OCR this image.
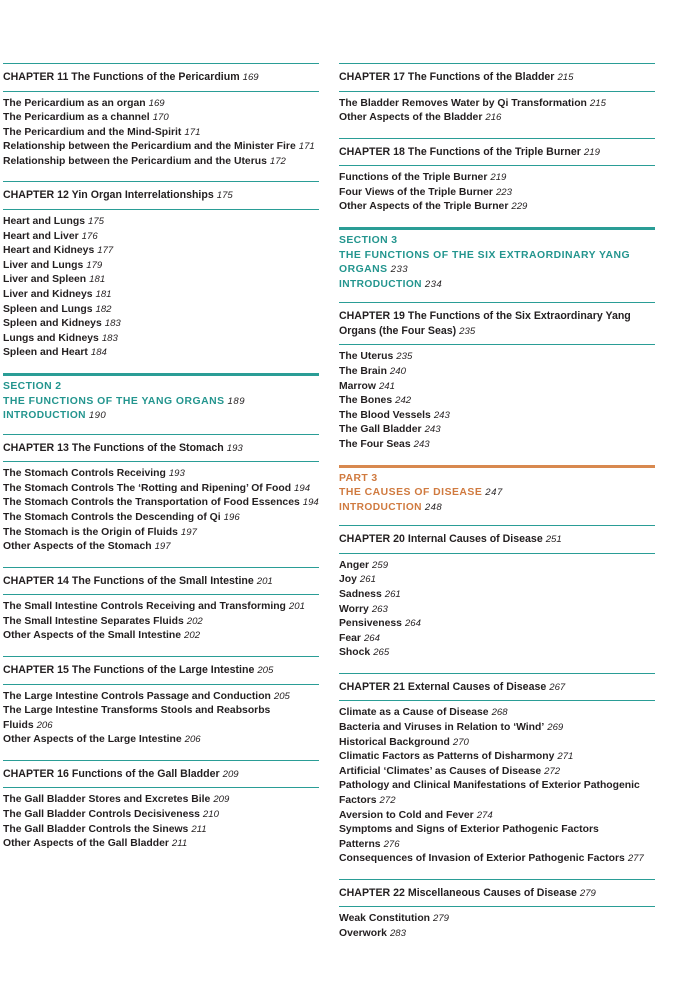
CHAPTER 11 The Functions of the Pericardium 169
The Pericardium as an organ 169
The Pericardium as a channel 170
The Pericardium and the Mind-Spirit 171
Relationship between the Pericardium and the Minister Fire 171
Relationship between the Pericardium and the Uterus 172
CHAPTER 12 Yin Organ Interrelationships 175
Heart and Lungs 175
Heart and Liver 176
Heart and Kidneys 177
Liver and Lungs 179
Liver and Spleen 181
Liver and Kidneys 181
Spleen and Lungs 182
Spleen and Kidneys 183
Lungs and Kidneys 183
Spleen and Heart 184
SECTION 2
THE FUNCTIONS OF THE YANG ORGANS 189
INTRODUCTION 190
CHAPTER 13 The Functions of the Stomach 193
The Stomach Controls Receiving 193
The Stomach Controls The ‘Rotting and Ripening’ Of Food 194
The Stomach Controls the Transportation of Food Essences 194
The Stomach Controls the Descending of Qi 196
The Stomach is the Origin of Fluids 197
Other Aspects of the Stomach 197
CHAPTER 14 The Functions of the Small Intestine 201
The Small Intestine Controls Receiving and Transforming 201
The Small Intestine Separates Fluids 202
Other Aspects of the Small Intestine 202
CHAPTER 15 The Functions of the Large Intestine 205
The Large Intestine Controls Passage and Conduction 205
The Large Intestine Transforms Stools and Reabsorbs Fluids 206
Other Aspects of the Large Intestine 206
CHAPTER 16 Functions of the Gall Bladder 209
The Gall Bladder Stores and Excretes Bile 209
The Gall Bladder Controls Decisiveness 210
The Gall Bladder Controls the Sinews 211
Other Aspects of the Gall Bladder 211
CHAPTER 17 The Functions of the Bladder 215
The Bladder Removes Water by Qi Transformation 215
Other Aspects of the Bladder 216
CHAPTER 18 The Functions of the Triple Burner 219
Functions of the Triple Burner 219
Four Views of the Triple Burner 223
Other Aspects of the Triple Burner 229
SECTION 3
THE FUNCTIONS OF THE SIX EXTRAORDINARY YANG ORGANS 233
INTRODUCTION 234
CHAPTER 19 The Functions of the Six Extraordinary Yang Organs (the Four Seas) 235
The Uterus 235
The Brain 240
Marrow 241
The Bones 242
The Blood Vessels 243
The Gall Bladder 243
The Four Seas 243
PART 3
THE CAUSES OF DISEASE 247
INTRODUCTION 248
CHAPTER 20 Internal Causes of Disease 251
Anger 259
Joy 261
Sadness 261
Worry 263
Pensiveness 264
Fear 264
Shock 265
CHAPTER 21 External Causes of Disease 267
Climate as a Cause of Disease 268
Bacteria and Viruses in Relation to ‘Wind’ 269
Historical Background 270
Climatic Factors as Patterns of Disharmony 271
Artificial ‘Climates’ as Causes of Disease 272
Pathology and Clinical Manifestations of Exterior Pathogenic Factors 272
Aversion to Cold and Fever 274
Symptoms and Signs of Exterior Pathogenic Factors Patterns 276
Consequences of Invasion of Exterior Pathogenic Factors 277
CHAPTER 22 Miscellaneous Causes of Disease 279
Weak Constitution 279
Overwork 283
